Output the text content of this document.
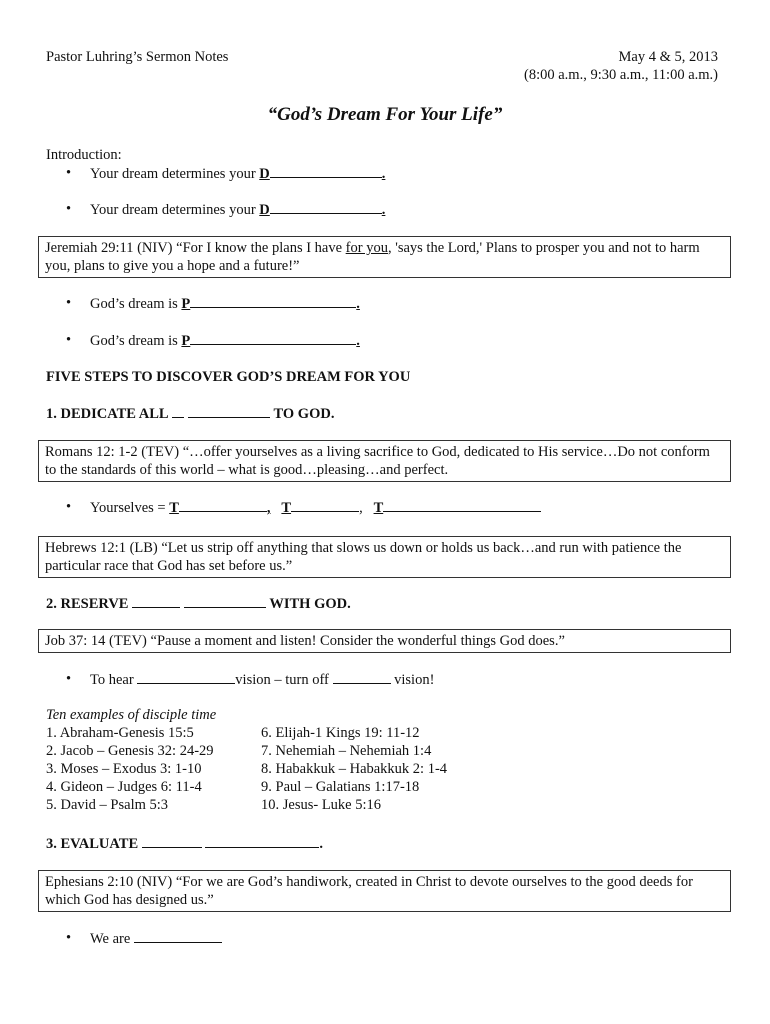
Pastor Luhring’s Sermon Notes	May 4 & 5, 2013
(8:00 a.m., 9:30 a.m., 11:00 a.m.)
“God’s Dream For Your Life”
Introduction:
• Your dream determines your D	.
• Your dream determines your D	.
Jeremiah 29:11 (NIV) “For I know the plans I have for you, 'says the Lord,' Plans to prosper you and not to harm you, plans to give you a hope and a future!”
• God’s dream is P	.
• God’s dream is P	.
FIVE STEPS TO DISCOVER GOD’S DREAM FOR YOU
1. DEDICATE ALL	TO GOD.
Romans 12: 1-2 (TEV) “…offer yourselves as a living sacrifice to God, dedicated to His service…Do not conform to the standards of this world – what is good…pleasing…and perfect.
• Yourselves = T	, T	, T
Hebrews 12:1 (LB) “Let us strip off anything that slows us down or holds us back…and run with patience the particular race that God has set before us.”
2. RESERVE	WITH GOD.
Job 37: 14 (TEV) “Pause a moment and listen! Consider the wonderful things God does.”
• To hear	vision – turn off	vision!
Ten examples of disciple time
1. Abraham-Genesis 15:5
2. Jacob – Genesis 32: 24-29
3. Moses – Exodus 3: 1-10
4. Gideon – Judges 6: 11-4
5. David – Psalm 5:3
6. Elijah-1 Kings 19: 11-12
7. Nehemiah – Nehemiah 1:4
8. Habakkuk – Habakkuk 2: 1-4
9. Paul – Galatians 1:17-18
10. Jesus- Luke 5:16
3. EVALUATE	.
Ephesians 2:10 (NIV) “For we are God’s handiwork, created in Christ to devote ourselves to the good deeds for which God has designed us.”
• We are
